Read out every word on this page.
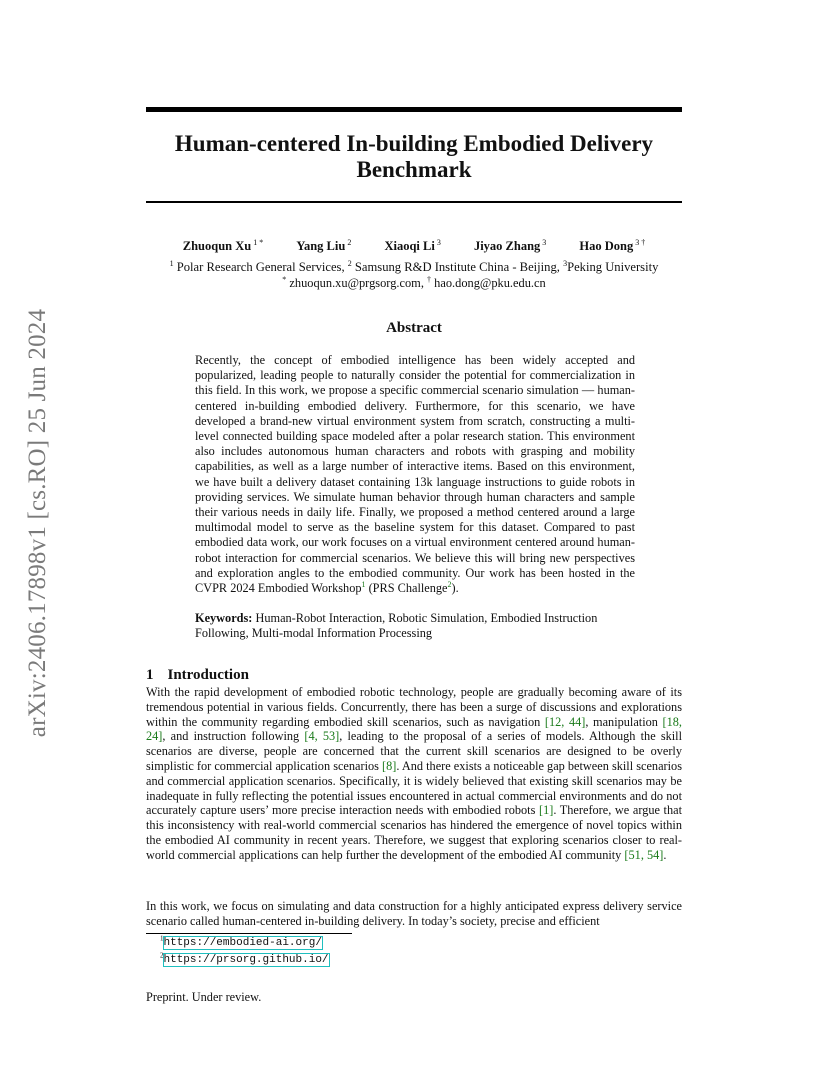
arXiv:2406.17898v1 [cs.RO] 25 Jun 2024
Human-centered In-building Embodied Delivery Benchmark
Zhuoqun Xu $^{1 *}$	Yang Liu $^2$	Xiaoqi Li $^3$	Jiyao Zhang $^3$	Hao Dong $^{3 \dagger}$
$^1$ Polar Research General Services, $^2$ Samsung R&D Institute China - Beijing, $^3$Peking University
* zhuoqun.xu@prgsorg.com, † hao.dong@pku.edu.cn
Abstract
Recently, the concept of embodied intelligence has been widely accepted and popularized, leading people to naturally consider the potential for commercialization in this field. In this work, we propose a specific commercial scenario simulation — human-centered in-building embodied delivery. Furthermore, for this scenario, we have developed a brand-new virtual environment system from scratch, constructing a multi-level connected building space modeled after a polar research station. This environment also includes autonomous human characters and robots with grasping and mobility capabilities, as well as a large number of interactive items. Based on this environment, we have built a delivery dataset containing 13k language instructions to guide robots in providing services. We simulate human behavior through human characters and sample their various needs in daily life. Finally, we proposed a method centered around a large multimodal model to serve as the baseline system for this dataset. Compared to past embodied data work, our work focuses on a virtual environment centered around human-robot interaction for commercial scenarios. We believe this will bring new perspectives and exploration angles to the embodied community. Our work has been hosted in the CVPR 2024 Embodied Workshop$^1$ (PRS Challenge$^2$).
Keywords: Human-Robot Interaction, Robotic Simulation, Embodied Instruction Following, Multi-modal Information Processing
1 Introduction
With the rapid development of embodied robotic technology, people are gradually becoming aware of its tremendous potential in various fields. Concurrently, there has been a surge of discussions and explorations within the community regarding embodied skill scenarios, such as navigation [12, 44], manipulation [18, 24], and instruction following [4, 53], leading to the proposal of a series of models. Although the skill scenarios are diverse, people are concerned that the current skill scenarios are designed to be overly simplistic for commercial application scenarios [8]. And there exists a noticeable gap between skill scenarios and commercial application scenarios. Specifically, it is widely believed that existing skill scenarios may be inadequate in fully reflecting the potential issues encountered in actual commercial environments and do not accurately capture users’ more precise interaction needs with embodied robots [1]. Therefore, we argue that this inconsistency with real-world commercial scenarios has hindered the emergence of novel topics within the embodied AI community in recent years. Therefore, we suggest that exploring scenarios closer to real-world commercial applications can help further the development of the embodied AI community [51, 54].
In this work, we focus on simulating and data construction for a highly anticipated express delivery service scenario called human-centered in-building delivery. In today’s society, precise and efficient
$^1$https://embodied-ai.org/
$^2$https://prsorg.github.io/
Preprint. Under review.
